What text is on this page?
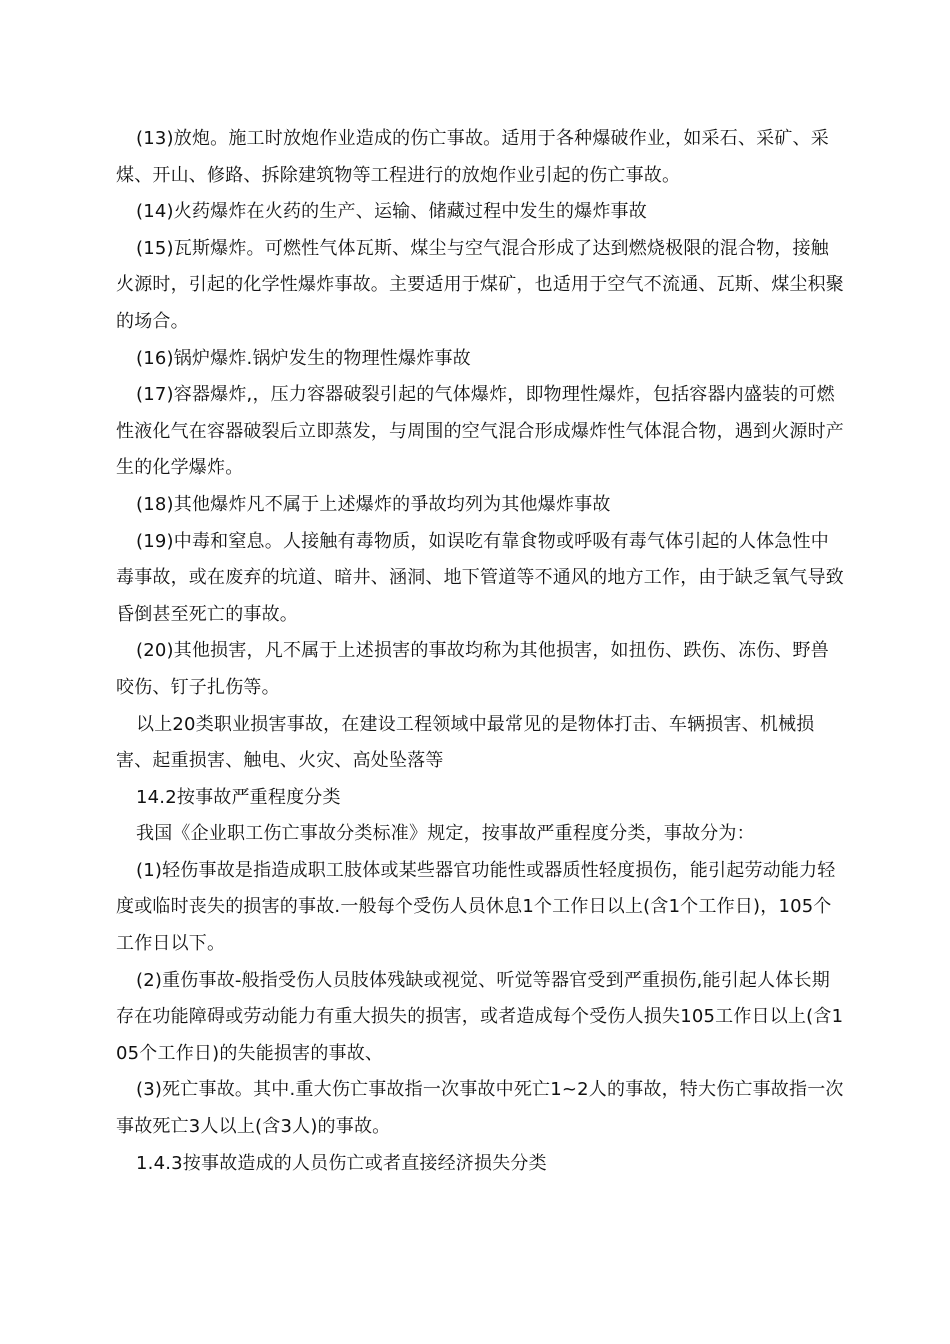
(13)放炮。施工时放炮作业造成的伤亡事故。适用于各种爆破作业，如采石、采矿、采煤、开山、修路、拆除建筑物等工程进行的放炮作业引起的伤亡事故。

(14)火药爆炸在火药的生产、运输、储藏过程中发生的爆炸事故

(15)瓦斯爆炸。可燃性气体瓦斯、煤尘与空气混合形成了达到燃烧极限的混合物，接触火源时，引起的化学性爆炸事故。主要适用于煤矿，也适用于空气不流通、瓦斯、煤尘积聚的场合。

(16)锅炉爆炸.锅炉发生的物理性爆炸事故

(17)容器爆炸,，压力容器破裂引起的气体爆炸，即物理性爆炸，包括容器内盛装的可燃性液化气在容器破裂后立即蒸发，与周围的空气混合形成爆炸性气体混合物，遇到火源时产生的化学爆炸。

(18)其他爆炸凡不属于上述爆炸的爭故均列为其他爆炸事故

(19)中毒和窒息。人接触有毒物质，如误吃有靠食物或呼吸有毒气体引起的人体急性中毒事故，或在废弃的坑道、暗井、涵洞、地下管道等不通风的地方工作，由于缺乏氧气导致昏倒甚至死亡的事故。

(20)其他损害，凡不属于上述损害的事故均称为其他损害，如扭伤、跌伤、冻伤、野兽咬伤、钉子扎伤等。

以上20类职业损害事故，在建设工程领域中最常见的是物体打击、车辆损害、机械损害、起重损害、触电、火灾、高处坠落等

14.2按事故严重程度分类

我国《企业职工伤亡事故分类标准》规定，按事故严重程度分类，事故分为：

(1)轻伤事故是指造成职工肢体或某些器官功能性或器质性轻度损伤，能引起劳动能力轻度或临时丧失的损害的事故.一般每个受伤人员休息1个工作日以上(含1个工作日)，105个工作日以下。

(2)重伤事故-般指受伤人员肢体残缺或视觉、听觉等器官受到严重损伤,能引起人体长期存在功能障碍或劳动能力有重大损失的损害，或者造成每个受伤人损失105工作日以上(含105个工作日)的失能损害的事故、

(3)死亡事故。其中.重大伤亡事故指一次事故中死亡1~2人的事故，特大伤亡事故指一次事故死亡3人以上(含3人)的事故。

1.4.3按事故造成的人员伤亡或者直接经济损失分类
